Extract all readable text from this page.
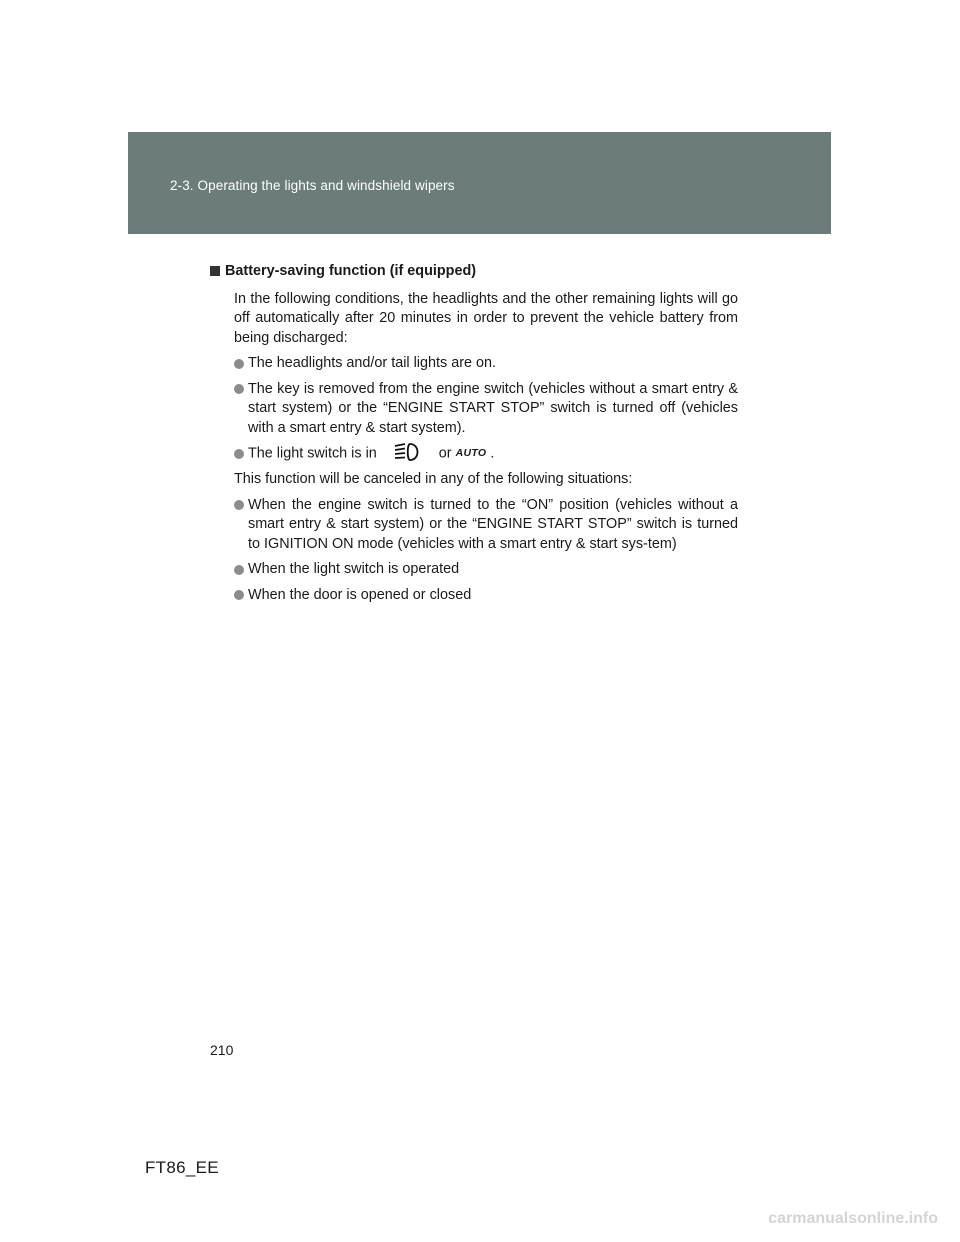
2-3. Operating the lights and windshield wipers
Battery-saving function (if equipped)
In the following conditions, the headlights and the other remaining lights will go off automatically after 20 minutes in order to prevent the vehicle battery from being discharged:
The headlights and/or tail lights are on.
The key is removed from the engine switch (vehicles without a smart entry & start system) or the “ENGINE START STOP” switch is turned off (vehicles with a smart entry & start system).
The light switch is in	or AUTO .
This function will be canceled in any of the following situations:
When the engine switch is turned to the “ON” position (vehicles without a smart entry & start system) or the “ENGINE START STOP” switch is turned to IGNITION ON mode (vehicles with a smart entry & start sys-tem)
When the light switch is operated
When the door is opened or closed
210
FT86_EE
carmanualsonline.info
